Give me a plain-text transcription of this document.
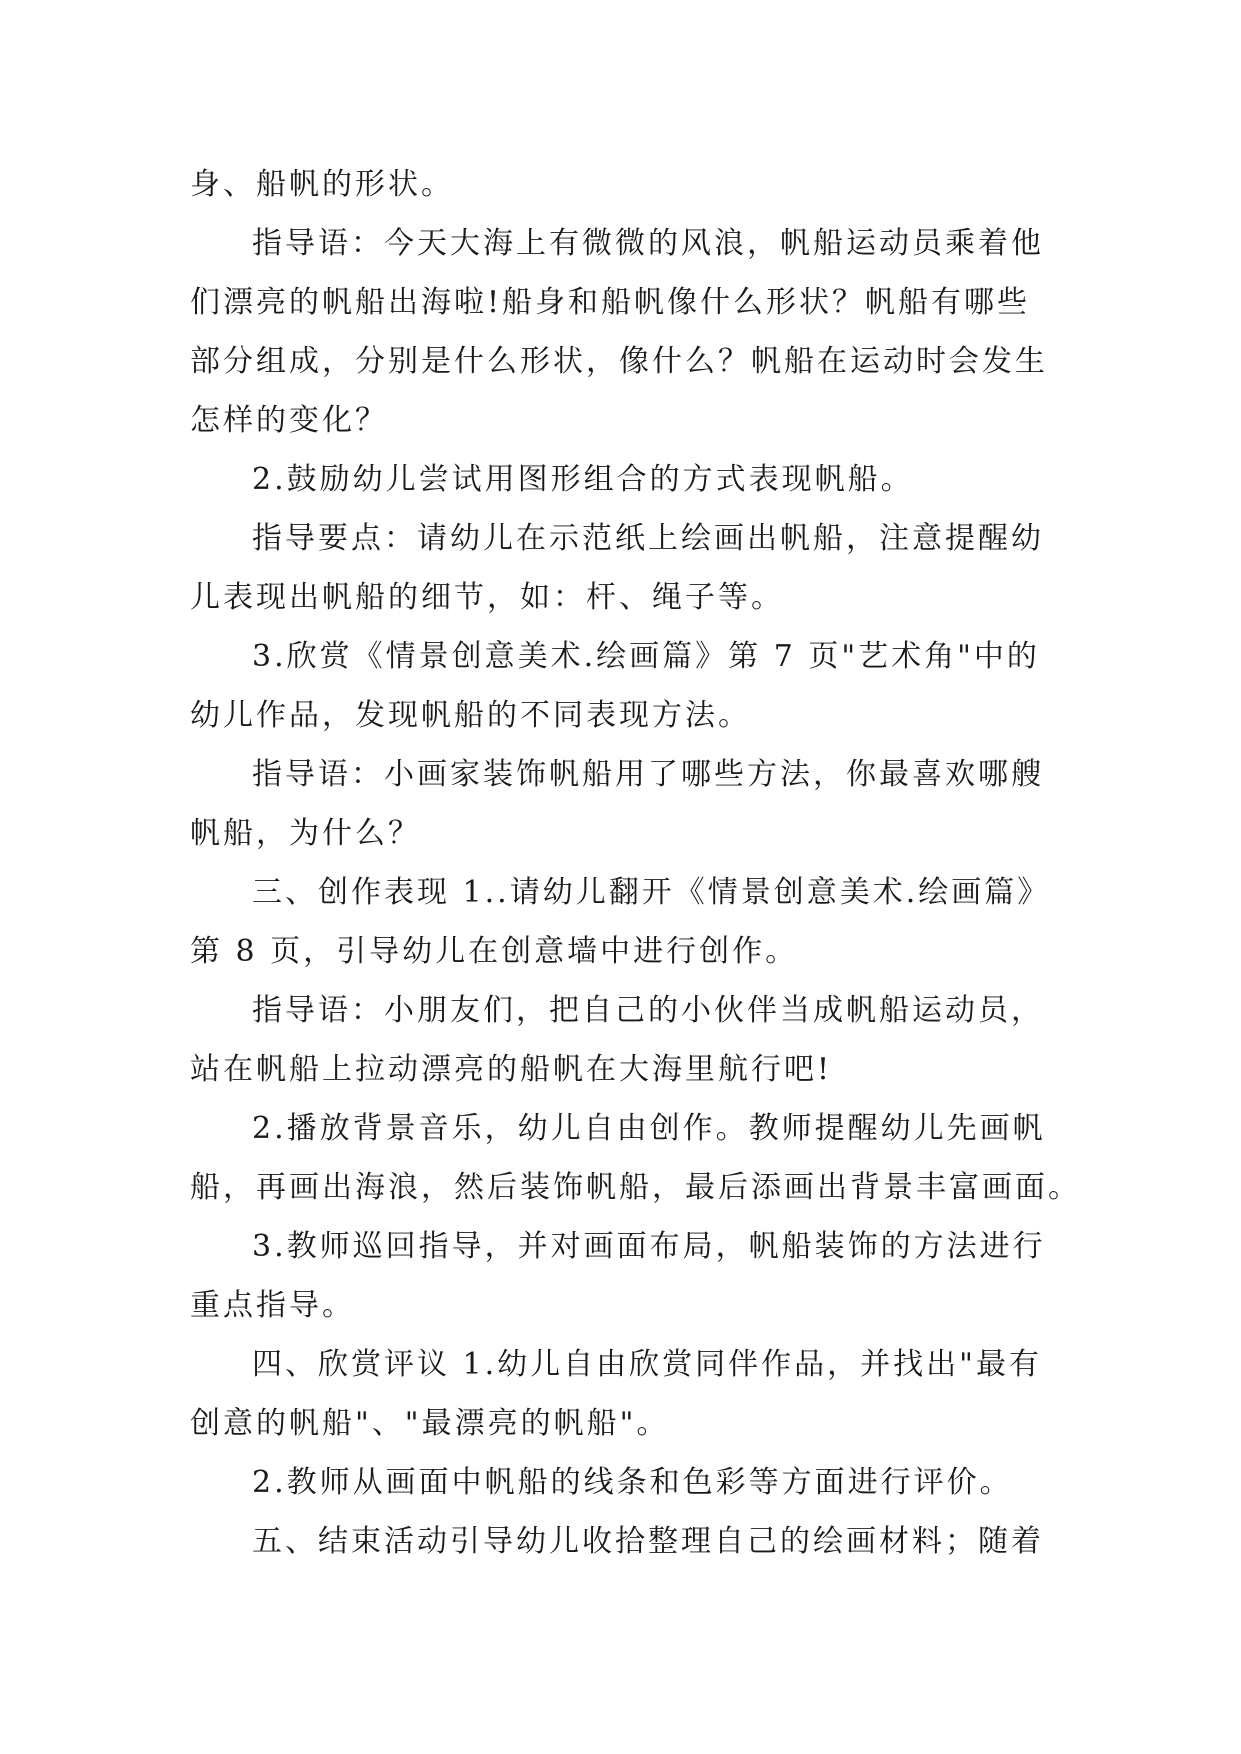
身、船帆的形状。
指导语：今天大海上有微微的风浪，帆船运动员乘着他
们漂亮的帆船出海啦!船身和船帆像什么形状？帆船有哪些
部分组成，分别是什么形状，像什么？帆船在运动时会发生
怎样的变化？
2.鼓励幼儿尝试用图形组合的方式表现帆船。
指导要点：请幼儿在示范纸上绘画出帆船，注意提醒幼
儿表现出帆船的细节，如：杆、绳子等。
3.欣赏《情景创意美术.绘画篇》第 7 页"艺术角"中的
幼儿作品，发现帆船的不同表现方法。
指导语：小画家装饰帆船用了哪些方法，你最喜欢哪艘
帆船，为什么？
三、创作表现 1..请幼儿翻开《情景创意美术.绘画篇》
第 8 页，引导幼儿在创意墙中进行创作。
指导语：小朋友们，把自己的小伙伴当成帆船运动员，
站在帆船上拉动漂亮的船帆在大海里航行吧!
2.播放背景音乐，幼儿自由创作。教师提醒幼儿先画帆
船，再画出海浪，然后装饰帆船，最后添画出背景丰富画面。
3.教师巡回指导，并对画面布局，帆船装饰的方法进行
重点指导。
四、欣赏评议 1.幼儿自由欣赏同伴作品，并找出"最有
创意的帆船"、"最漂亮的帆船"。
2.教师从画面中帆船的线条和色彩等方面进行评价。
五、结束活动引导幼儿收拾整理自己的绘画材料；随着
